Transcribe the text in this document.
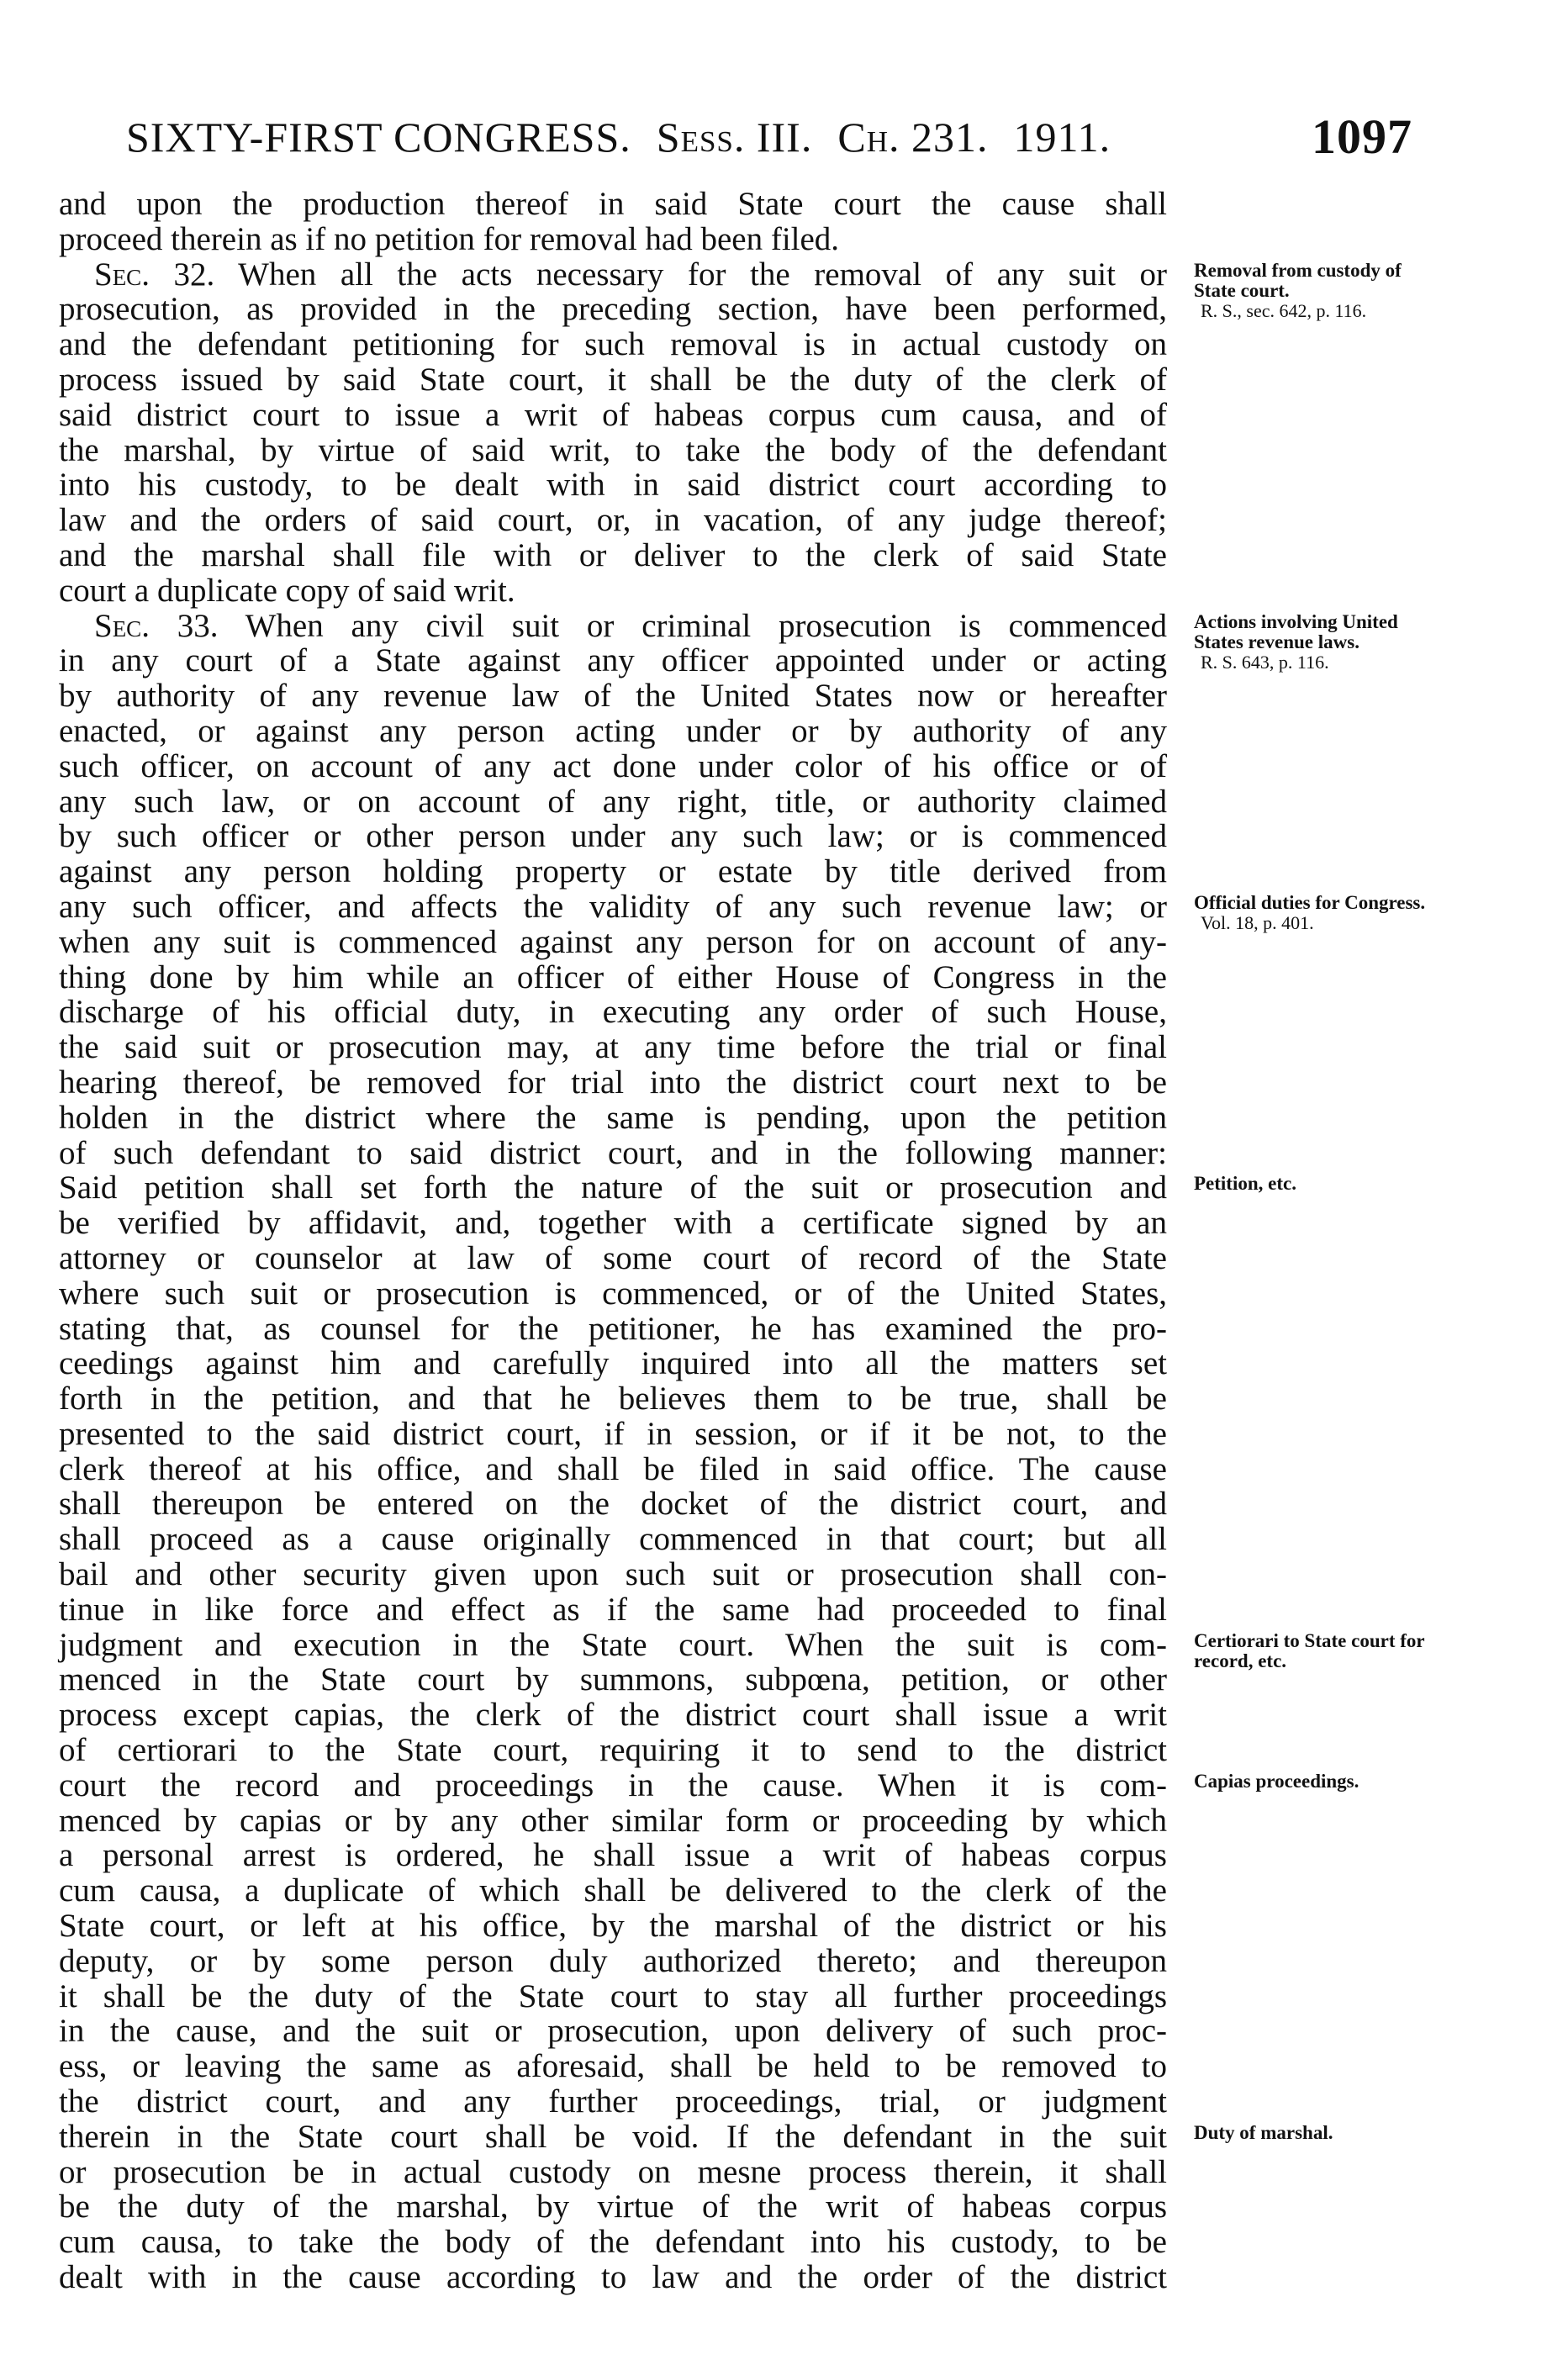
SIXTY-FIRST CONGRESS. Sess. III. Ch. 231. 1911.	1097
and upon the production thereof in said State court the cause shall
proceed therein as if no petition for removal had been filed.
Sec. 32. When all the acts necessary for the removal of any suit or
prosecution, as provided in the preceding section, have been performed,
and the defendant petitioning for such removal is in actual custody on
process issued by said State court, it shall be the duty of the clerk of
said district court to issue a writ of habeas corpus cum causa, and of
the marshal, by virtue of said writ, to take the body of the defendant
into his custody, to be dealt with in said district court according to
law and the orders of said court, or, in vacation, of any judge thereof;
and the marshal shall file with or deliver to the clerk of said State
court a duplicate copy of said writ.
Sec. 33. When any civil suit or criminal prosecution is commenced
in any court of a State against any officer appointed under or acting
by authority of any revenue law of the United States now or hereafter
enacted, or against any person acting under or by authority of any
such officer, on account of any act done under color of his office or of
any such law, or on account of any right, title, or authority claimed
by such officer or other person under any such law; or is commenced
against any person holding property or estate by title derived from
any such officer, and affects the validity of any such revenue law; or
when any suit is commenced against any person for on account of any-
thing done by him while an officer of either House of Congress in the
discharge of his official duty, in executing any order of such House,
the said suit or prosecution may, at any time before the trial or final
hearing thereof, be removed for trial into the district court next to be
holden in the district where the same is pending, upon the petition
of such defendant to said district court, and in the following manner:
Said petition shall set forth the nature of the suit or prosecution and
be verified by affidavit, and, together with a certificate signed by an
attorney or counselor at law of some court of record of the State
where such suit or prosecution is commenced, or of the United States,
stating that, as counsel for the petitioner, he has examined the pro-
ceedings against him and carefully inquired into all the matters set
forth in the petition, and that he believes them to be true, shall be
presented to the said district court, if in session, or if it be not, to the
clerk thereof at his office, and shall be filed in said office. The cause
shall thereupon be entered on the docket of the district court, and
shall proceed as a cause originally commenced in that court; but all
bail and other security given upon such suit or prosecution shall con-
tinue in like force and effect as if the same had proceeded to final
judgment and execution in the State court. When the suit is com-
menced in the State court by summons, subpœna, petition, or other
process except capias, the clerk of the district court shall issue a writ
of certiorari to the State court, requiring it to send to the district
court the record and proceedings in the cause. When it is com-
menced by capias or by any other similar form or proceeding by which
a personal arrest is ordered, he shall issue a writ of habeas corpus
cum causa, a duplicate of which shall be delivered to the clerk of the
State court, or left at his office, by the marshal of the district or his
deputy, or by some person duly authorized thereto; and thereupon
it shall be the duty of the State court to stay all further proceedings
in the cause, and the suit or prosecution, upon delivery of such proc-
ess, or leaving the same as aforesaid, shall be held to be removed to
the district court, and any further proceedings, trial, or judgment
therein in the State court shall be void. If the defendant in the suit
or prosecution be in actual custody on mesne process therein, it shall
be the duty of the marshal, by virtue of the writ of habeas corpus
cum causa, to take the body of the defendant into his custody, to be
dealt with in the cause according to law and the order of the district
Removal from custody of State court.
R. S., sec. 642, p. 116.
Actions involving United States revenue laws.
R. S. 643, p. 116.
Official duties for Congress.
Vol. 18, p. 401.
Petition, etc.
Certiorari to State court for record, etc.
Capias proceedings.
Duty of marshal.
